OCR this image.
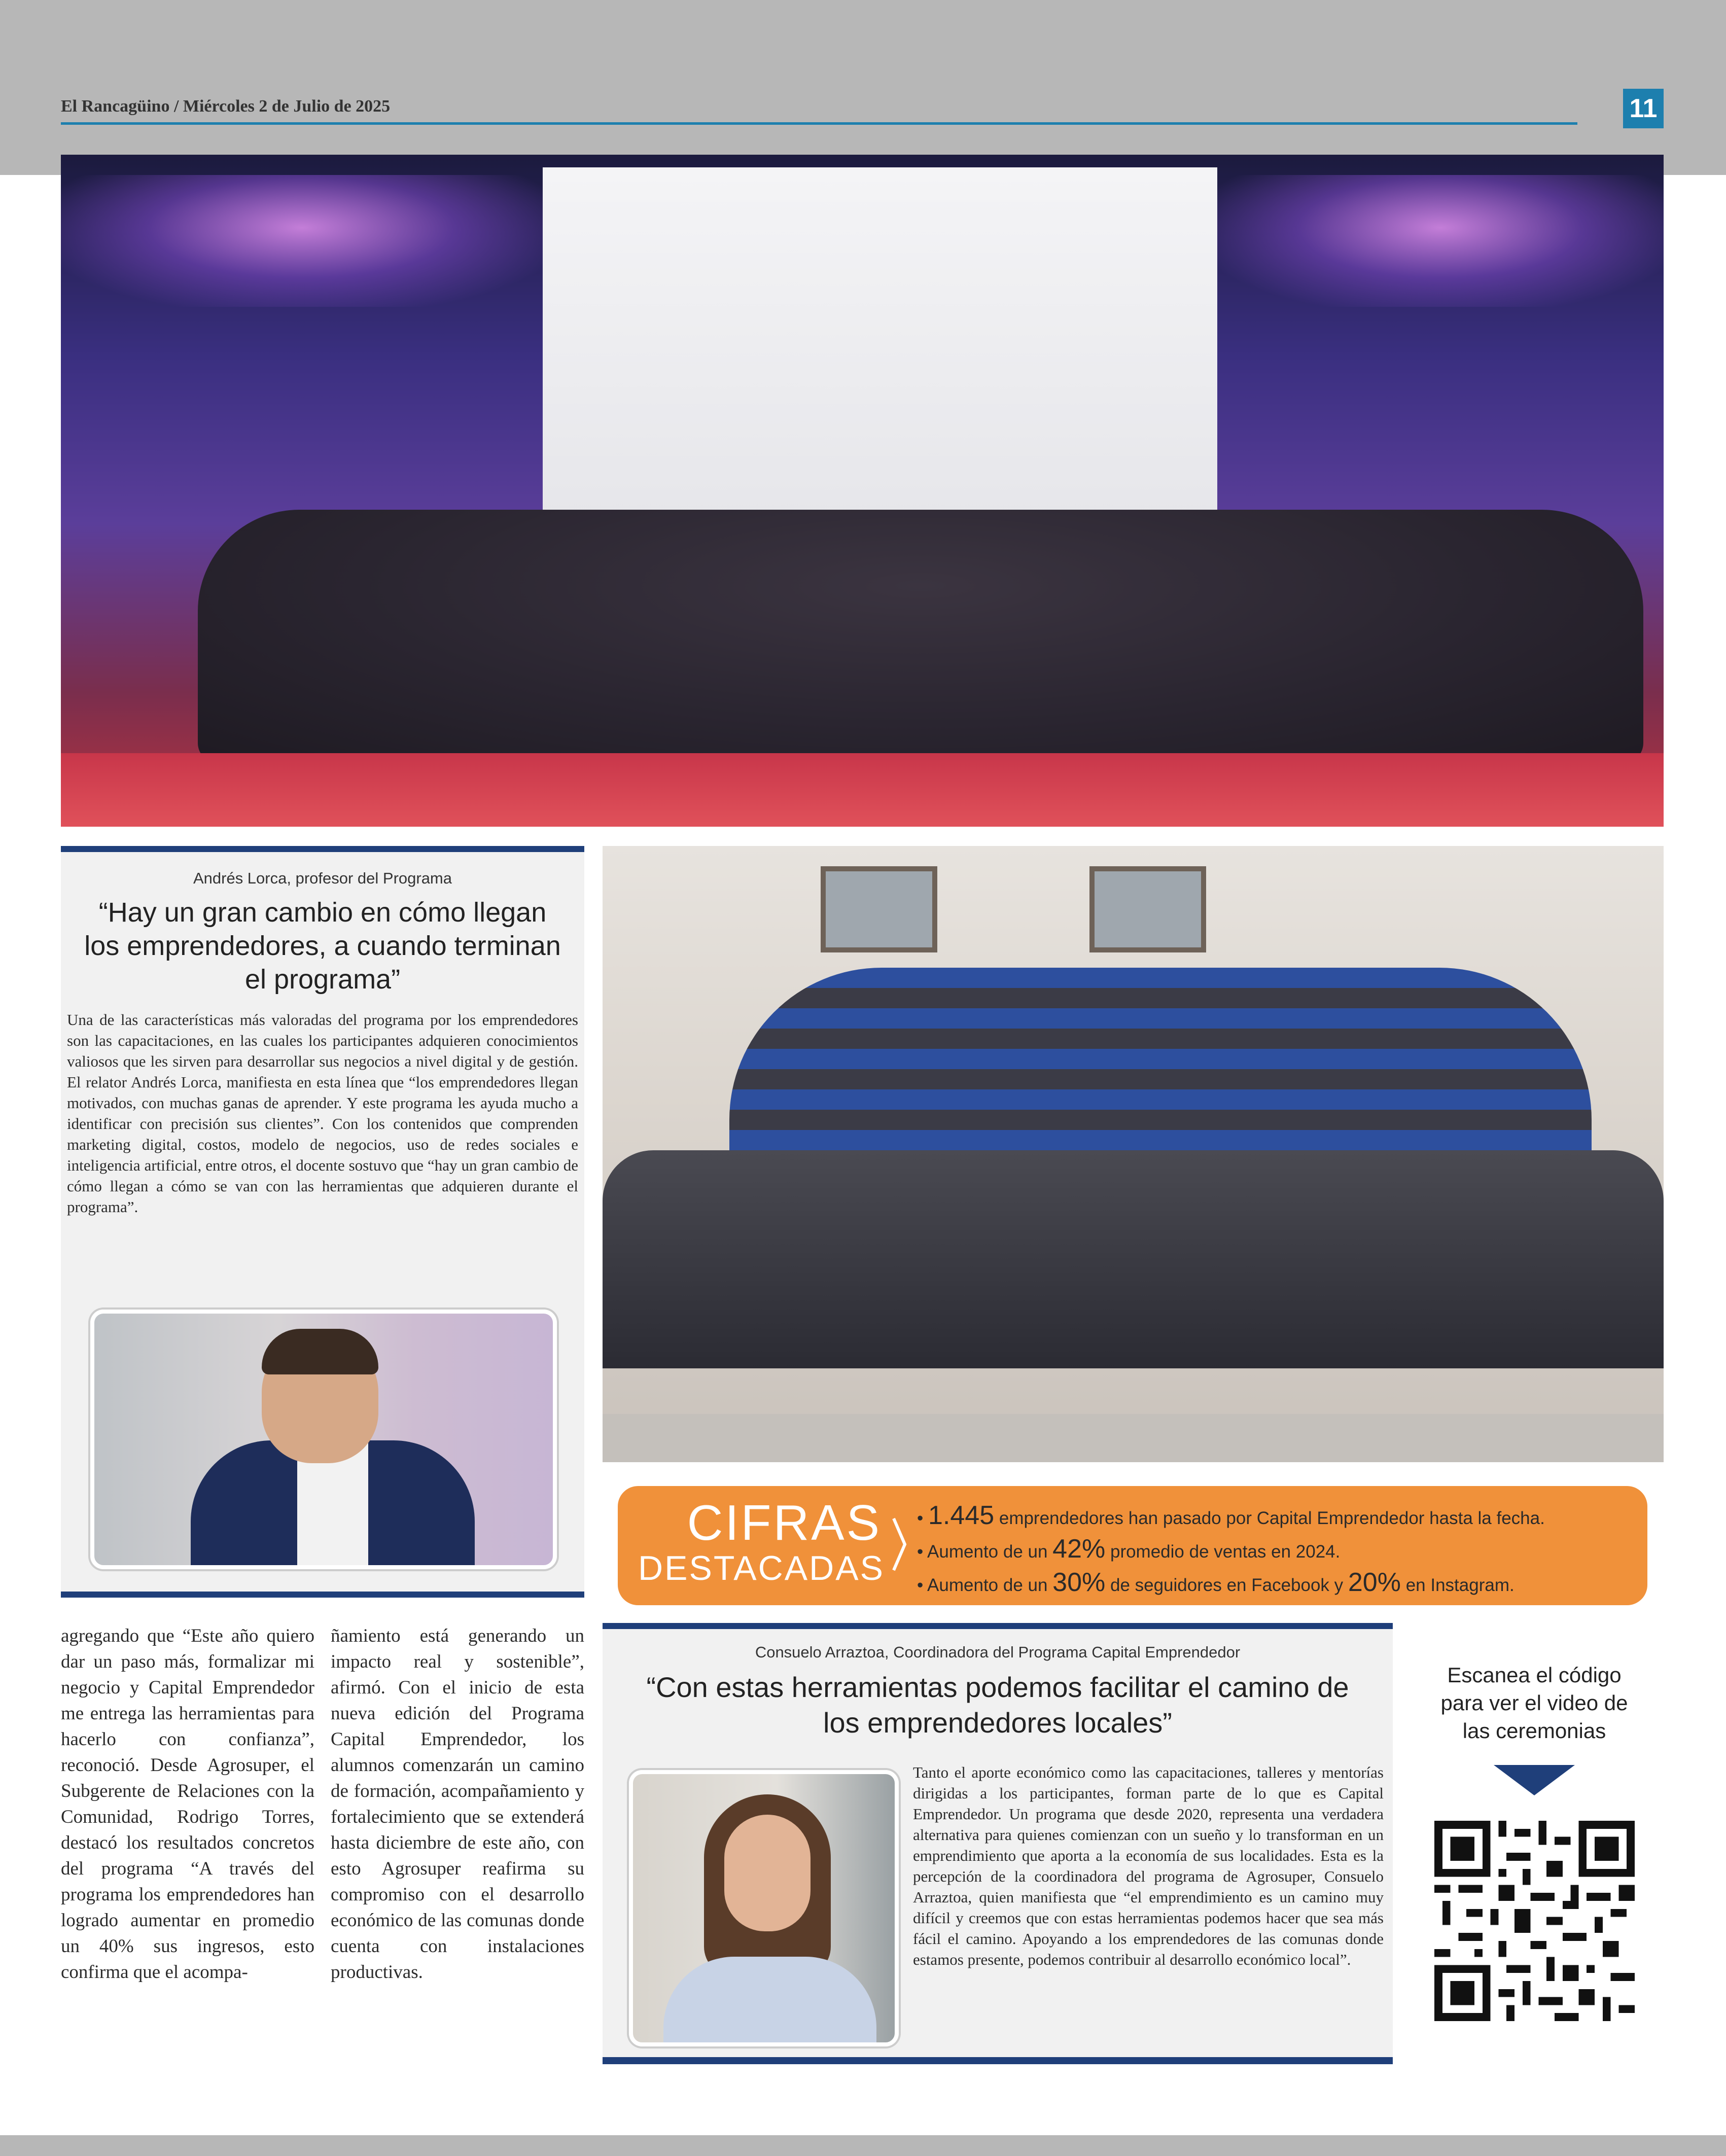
El Rancagüino / Miércoles 2 de Julio de 2025	11
Andrés Lorca, profesor del Programa
“Hay un gran cambio en cómo llegan los emprendedores, a cuando terminan el programa”
Una de las características más valoradas del programa por los emprendedores son las capacitaciones, en las cuales los participantes adquieren conocimientos valiosos que les sirven para desarrollar sus negocios a nivel digital y de gestión. El relator Andrés Lorca, manifiesta en esta línea que “los emprendedores llegan motivados, con muchas ganas de aprender. Y este programa les ayuda mucho a identificar con precisión sus clientes”. Con los contenidos que comprenden marketing digital, costos, modelo de negocios, uso de redes sociales e inteligencia artificial, entre otros, el docente sostuvo que “hay un gran cambio de cómo llegan a cómo se van con las herramientas que adquieren durante el programa”.
CIFRAS
DESTACADAS
• 1.445 emprendedores han pasado por Capital Emprendedor hasta la fecha.
• Aumento de un 42% promedio de ventas en 2024.
• Aumento de un 30% de seguidores en Facebook y 20% en Instagram.
agregando que “Este año quiero dar un paso más, formalizar mi negocio y Capital Emprendedor me entrega las herramientas para hacerlo con confianza”, reconoció. Desde Agrosuper, el Subgerente de Relaciones con la Comunidad, Rodrigo Torres, destacó los resultados concretos del programa “A través del programa los emprendedores han logrado aumentar en promedio un 40% sus ingresos, esto confirma que el acompa-
ñamiento está generando un impacto real y sostenible”, afirmó. Con el inicio de esta nueva edición del Programa Capital Emprendedor, los alumnos comenzarán un camino de formación, acompañamiento y fortalecimiento que se extenderá hasta diciembre de este año, con esto Agrosuper reafirma su compromiso con el desarrollo económico de las comunas donde cuenta con instalaciones productivas.
Consuelo Arraztoa, Coordinadora del Programa Capital Emprendedor
“Con estas herramientas podemos facilitar el camino de los emprendedores locales”
Tanto el aporte económico como las capacitaciones, talleres y mentorías dirigidas a los participantes, forman parte de lo que es Capital Emprendedor. Un programa que desde 2020, representa una verdadera alternativa para quienes comienzan con un sueño y lo transforman en un emprendimiento que aporta a la economía de sus localidades. Esta es la percepción de la coordinadora del programa de Agrosuper, Consuelo Arraztoa, quien manifiesta que “el emprendimiento es un camino muy difícil y creemos que con estas herramientas podemos hacer que sea más fácil el camino. Apoyando a los emprendedores de las comunas donde estamos presente, podemos contribuir al desarrollo económico local”.
Escanea el código para ver el video de las ceremonias
